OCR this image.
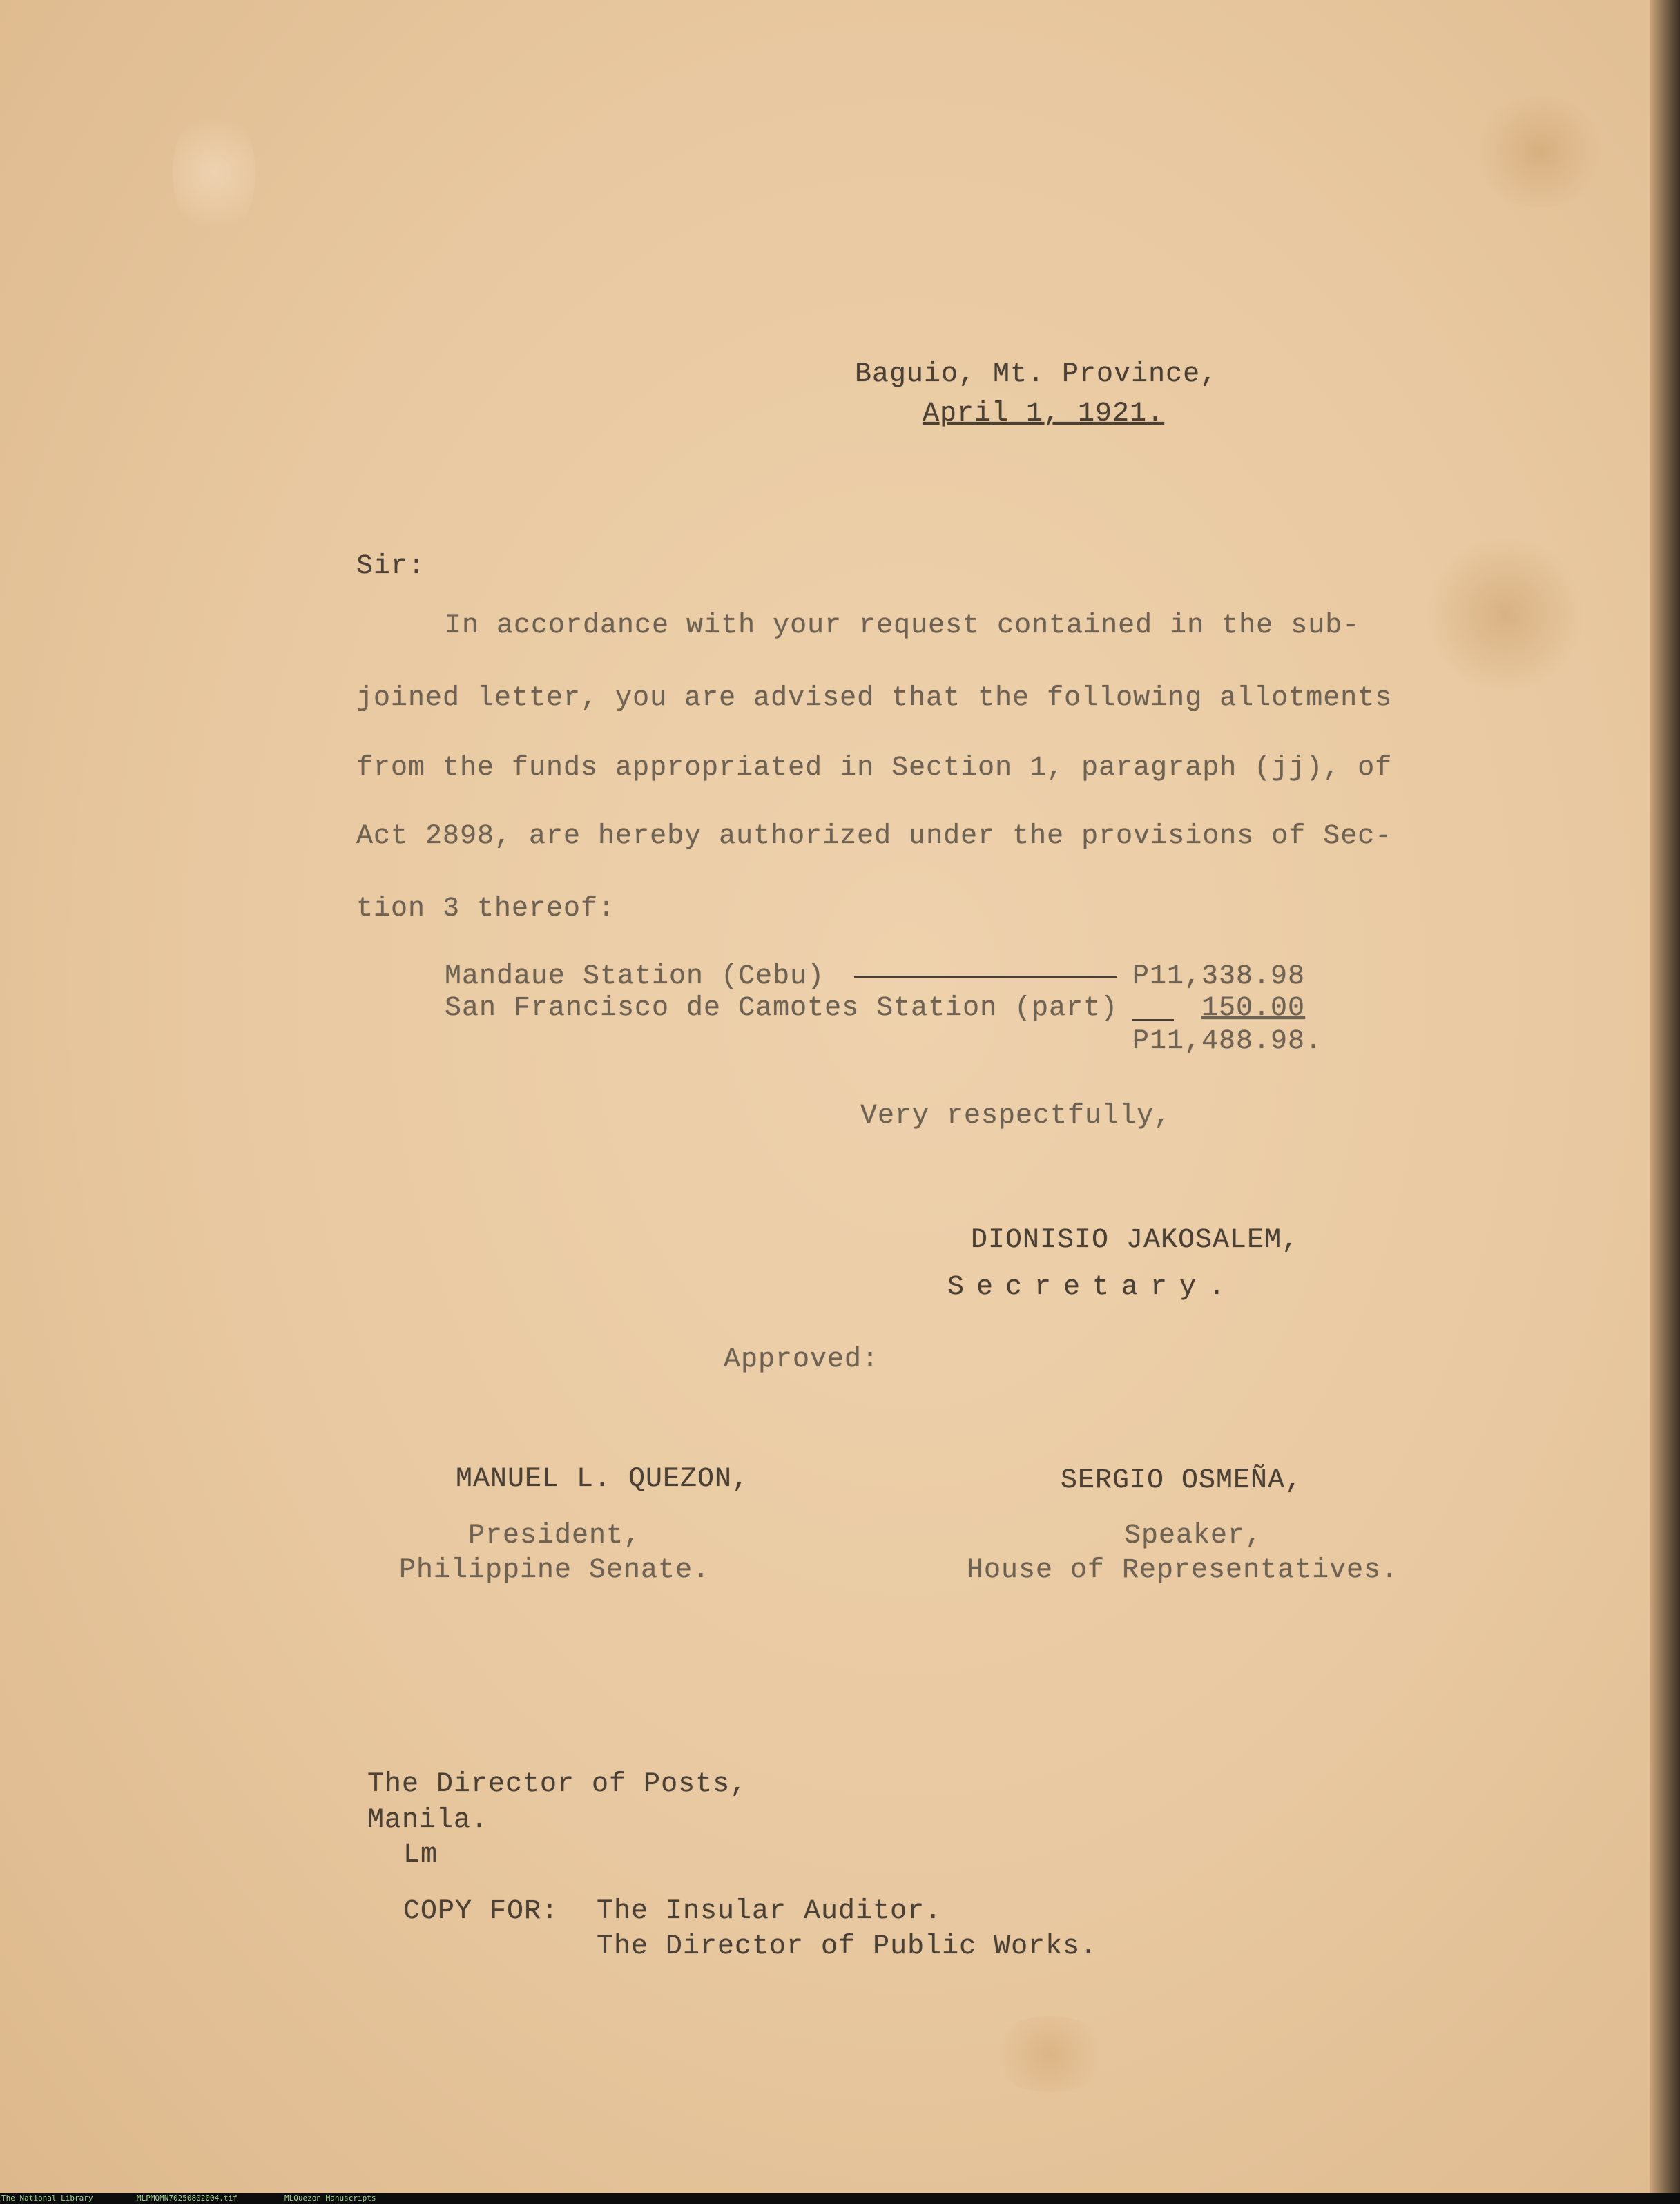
Baguio, Mt. Province,

April 1, 1921.

Sir:

In accordance with your request contained in the sub-

joined letter, you are advised that the following allotments

from the funds appropriated in Section 1, paragraph (jj), of

Act 2898, are hereby authorized under the provisions of Sec-

tion 3 thereof:

Mandaue Station (Cebu)	P11,338.98

San Francisco de Camotes Station (part)	150.00

P11,488.98.

Very respectfully,

DIONISIO JAKOSALEM,

Secretary.

Approved:

MANUEL L. QUEZON,

President,

Philippine Senate.

SERGIO OSMEÑA,

Speaker,

House of Representatives.

The Director of Posts,

Manila.

Lm

COPY FOR: The Insular Auditor.

The Director of Public Works.

The National Library	MLPMQMN70250802004.tif	MLQuezon Manuscripts
